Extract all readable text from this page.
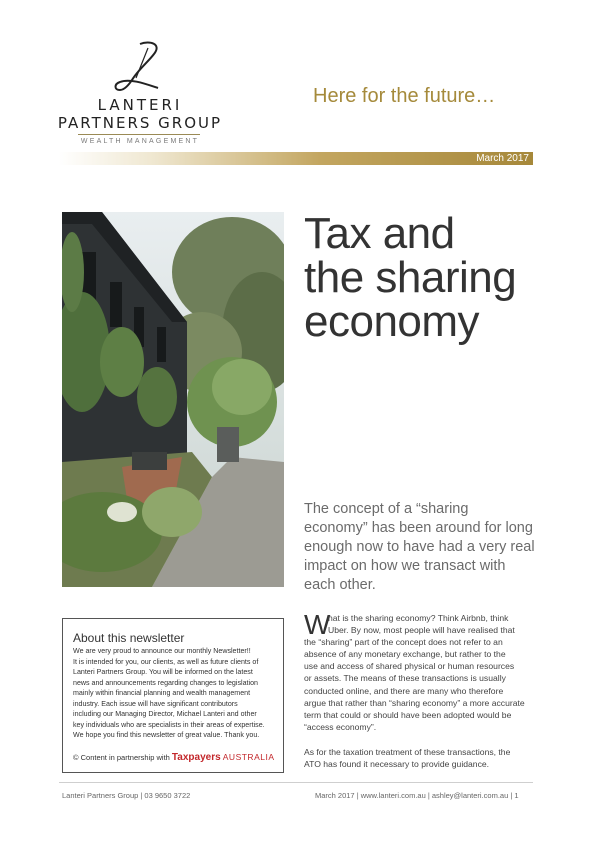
LANTERI
PARTNERS GROUP
WEALTH MANAGEMENT
Here for the future…
March 2017
Tax and
the sharing
economy
The concept of a “sharing economy” has been around for long enough now to have had a very real impact on how we transact with each other.
About this newsletter
We are very proud to announce our monthly Newsletter!!
It is intended for you, our clients, as well as future clients of
Lanteri Partners Group. You will be informed on the latest
news and announcements regarding changes to legislation
mainly within financial planning and wealth management
industry. Each issue will have significant contributors
including our Managing Director, Michael Lanteri and other
key individuals who are specialists in their areas of expertise.
We hope you find this newsletter of great value. Thank you.
© Content in partnership with Taxpayers AUSTRALIA
W
hat is the sharing economy? Think Airbnb, think
Uber. By now, most people will have realised that
the “sharing” part of the concept does not refer to an
absence of any monetary exchange, but rather to the
use and access of shared physical or human resources
or assets. The means of these transactions is usually
conducted online, and there are many who therefore
argue that rather than “sharing economy” a more accurate
term that could or should have been adopted would be
“access economy”.
As for the taxation treatment of these transactions, the
ATO has found it necessary to provide guidance.
Lanteri Partners Group | 03 9650 3722	March 2017 | www.lanteri.com.au | ashley@lanteri.com.au | 1
